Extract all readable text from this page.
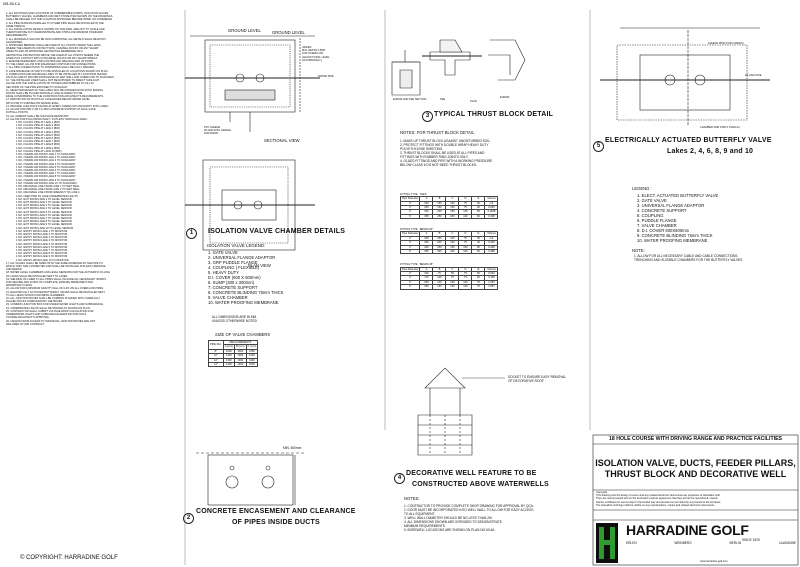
828-28LK-A
1. ALL ROUTINGS AND LOCATIONS OF SUBMERSIBLE PUMPS, ISOLATION VALVES,
BUTTERFLY VALVES, CHAMBERS AND WET STORE ITEM SHOWN ON THE DRAWINGS
SHALL BE PEGGED OUT AND LOCATION APPROVED BEFORE WORK ON COMMENCE
2. ALL PIPE RUNNING PARALLEL TO OTHER PIPE SHALL BE INSTALLED IN THE
SAME TRENCH.
3. ALL INSTALLATION DETAILS SHOWN ON THIS DWG. ARE NOT TO SCALE AND
THEIR PURPOSE IS TO DEMONSTRATE AND STIPULATE MINIMUM STANDARD
REQUIREMENTS.
4. ALL MATERIALS SHOULD BE NON CORROSIVE. ALL METALS SHALL BE EPOXY
GALVANISED.
5. APPROVED BEDDING SHALL BE USED AT ALL POINTS UNDER THE LAKES
WHERE THE LINERS IN CONTACT WITH CHANNEL ROCKS OR ANY SHARP
OBJECTS AND AN APPROVED GEOTEXTILE MEMBRANE OR A
GEOTEXTILE PROTECTION ABOVE THE LINER AT ALL POINTS WHERE THE
LINER IS IN CONTACT WITH CONCRETE, ROCKS OR ANY SHARP OBJECT.
6. ENSURE PERMANENT AND CONTROLLED WELDING AND UP DOWN
TO THE LINER. ALLOW FOR ENHANCED CONTOUR FOR CONNECTIONS.
7. ALL PIPE CONNECTIONS TO DOWNPIPES SHALL BE FULLY WELDED.
8. LAKE DRAINAGE OUTLETS TO BE INSTALLED AT LOCATIONS SHOWN ON PLAN.
9. OVERFLOWS AND DRAINAGE LINES TO BE INSTALLED AT LOCATIONS SHOWN
ON PLAN AND AT MIN 25M FROM EDGE OF WET WELL AND OVERFLOW TO SOAKAWAY.
10. THE INSTALLED LINES SHALL NOT BE EXPOSED TO DIRECT SUNLIGHT.
ALLOW FOR THE INSTALLATION OF STONES AND PEBBLES TO FILL IN
SECTIONS OF THE PIPE EXPOSED TO SUNLIGHT.
11. SELECTED EDGES OF THE LAKES WILL BE FINISHED WITH ROCK EDGING
ROCKS SHALL BE PLACED MANUALLY AND ALIGNED ON THE
EDGE CONFORMING TO THE CONSTRUCTION ARCHITECT'S REQUIREMENTS.
12. DEPOSITION OF ROCKS AT LAKE EDGES BELOW WATER LEVEL
WITH 0.5M TO 0.8M BELOW WATER LEVEL.
13. PROVIDE LAKE ROCK FACING AT EVERY OVERFLOW AND ENTRY INTO LAKES.
14. ALLOW FOR 25M X 2M X 0.15M CONCRETE SUPPORT AT EACH LAKE
OUTFALL POINTS.
15. ALL CEMENT SHALL BE SULPHATE RESISTANT.
16. ALLOW FOR FOLLOWING INLET / OUTLETS THROUGH LAKES -
1 NO. FILLING PIPE AT LAKE 1 (80F)
1 NO. FILLING PIPE AT LAKE 2 (80F)
1 NO. FILLING PIPE AT LAKE 3 (80F)
1 NO. FILLING PIPE AT LAKE 4 (80F)
1 NO. FILLING PIPE AT LAKE 5 (80F)
1 NO. FILLING PIPE AT LAKE 6 (80F)
1 NO. FILLING PIPE AT LAKE 7 (80F)
1 NO. FILLING PIPE AT LAKE 8 (80F)
1 NO. FILLING PIPE AT LAKE 9 (80F)
1 NO. FILLING PIPE AT LAKE 10 (80F)
1 NO. OVERFLOW FROM LAKE 1 TO SOAKAWAY
1 NO. OVERFLOW FROM LAKE 2 TO SOAKAWAY
1 NO. OVERFLOW FROM LAKE 3 TO SOAKAWAY
1 NO. OVERFLOW FROM LAKE 4 TO SOAKAWAY
1 NO. OVERFLOW FROM LAKE 5 TO SOAKAWAY
1 NO. OVERFLOW FROM LAKE 6 TO SOAKAWAY
1 NO. OVERFLOW FROM LAKE 7 TO SOAKAWAY
1 NO. OVERFLOW FROM LAKE 8 TO SOAKAWAY
1 NO. OVERFLOW FROM LAKE 9 TO SOAKAWAY
1 NO. OVERFLOW FROM LAKE 10 TO SOAKAWAY
1 NO. DRAINAGE LINE FROM LAKE 1 TO WET WELL
1 NO. DRAINAGE LINE FROM LAKE 2 TO WET WELL
1 NO. DRAINAGE LINE FROM GREENS 5 TO LAKE 4
1 NO. FEED PIPE TO LAKE UNDERWATER LIGHTS
1 NO. EXIT FROM LAKE 1 TO LEVEL SENSOR
1 NO. EXIT FROM LAKE 2 TO LEVEL SENSOR
1 NO. EXIT FROM LAKE 3 TO LEVEL SENSOR
1 NO. EXIT FROM LAKE 4 TO LEVEL SENSOR
1 NO. EXIT FROM LAKE 5 TO LEVEL SENSOR
1 NO. EXIT FROM LAKE 6 TO LEVEL SENSOR
1 NO. EXIT FROM LAKE 7 TO LEVEL SENSOR
1 NO. EXIT FROM LAKE 8 TO LEVEL SENSOR
1 NO. EXIT FROM LAKE 9 TO LEVEL SENSOR
1 NO. EXIT FROM LAKE 10 TO LEVEL SENSOR
1 NO. ENTRY FROM LAKE 1 TO MONITOR
1 NO. ENTRY FROM LAKE 2 TO MONITOR
1 NO. ENTRY FROM LAKE 3 TO MONITOR
1 NO. ENTRY FROM LAKE 4 TO MONITOR
1 NO. ENTRY FROM LAKE 5 TO MONITOR
1 NO. ENTRY FROM LAKE 6 TO MONITOR
1 NO. ENTRY FROM LAKE 7 TO MONITOR
1 NO. ENTRY FROM LAKE 8 TO MONITOR
1 NO. ENTRY FROM LAKE 9 TO MONITOR
1 NO. ENTRY FROM LAKE 10 TO MONITOR
17. ALL VALVES SHALL BE SIZED WITH THE SAME DIAMETER AS THE PIPE TO
WHICH THEY ARE CONNECTED AND SHALL BE INSTALLED FOR EASY REMOVAL
AND REPAIR.
18. WATER LEVEL CHAMBERS AND LEVEL SENSORS FOR THE AUTOMATIC FILLING
OF LAKES SHALL BE INSTALLED NEXT TO LAKES.
19. WELDING OF LINER TO ALL PIPES SHALL INCLUDE ALL NECESSARY WORKS
FOR SECURE AND FIXING OF COMPLETE, ENSURE PERMANENT AND
WATERTIGHT FIXING.
20. ALLOW FOR A MINIMUM GRAVITY FALL OF 0.4% ON ALL OVERFLOW PIPES.
21. ELECTRICALLY ACTUATED BUTTERFLY VALVES SHALL BE INSTALLED NEXT
TO ALL LAKES WITHIN CONCRETE CHAMBERS.
22. ALL JUNCTION BOXES SHALL BE COMMON PLANNED WITH CAREFULLY
PLACED ROCKS SURROUNDING THE BOXES.
23. COMMON JUNCTION BOX FOR UNDER WATER LIGHTS AND SUBSURFACE.
24. UNDERWATER LIGHTS SHALL BE SPACED AS SHOWN ON PLAN.
25. CONTRACTOR SHALL SUBMIT VOLTAGE DROP CALCULATION FOR
UNDERWATER LIGHTS AND SUBSURFACE AERATION FOR GOLF
COURSE ARCHITECT'S APPROVAL.
26. UNLESS FROM ACCESS TO INDIVIDUAL JUNCTION BOXES ARE NOT
INCLUDED IN THIS CONTRACT.
GROUND LEVEL	GROUND LEVEL
VARIES
MIN. DEPTH 0.50M
FOR OVERFLOW
(ADJUST FINAL LEVEL
ACCORDINGLY)
WATER PIPE
PVC SLEEVE
FILLED WITH GRAVEL
FOR DRAIN
SECTIONAL VIEW
PLAN VIEW
1	ISOLATION VALVE CHAMBER DETAILS
ISOLATION VALVE LEGEND:
1. GATE VALVE
2. UNIVERSAL FLANGE ADAPTOR
3. GRP PUDDLE FLANGE
4. COUPLING ( FLEXIBLE)
5. HEAVY DUTY
D.I. COVER (600 X 600mm)
6. SUMP (300 x 300mm)
7. CONCRETE SUPPORT
8. CONCRETE BLINDING 75mm THICK
9. VALVE CHAMBER
10. WATER PROOFING MEMBRANE
ALL DIMENSIONS ARE IN MM
UNLESS OTHERWISE NOTED
SIZE OF VALVE CHAMBERS
PIPE DIA.	MEASUREMENTS		
	A (mm)	B (mm)	C (mm)
8"	1000	1000	1250
10"	1300	1300	1300
12"	1300	1300	1400
14"	1400	1400	1500
MIN. 600mm
2
CONCRETE ENCASEMENT AND CLEARANCE
OF PIPES INSIDE DUCTS
ELBOW AND TEE SECTION	TEE
PLAN
ELBOW
3 TYPICAL THRUST BLOCK DETAIL
NOTES: FOR THRUST BLOCK DETAIL
1. MAKE UP THRUST BLOCK AGAINST UNDISTURBED SOIL.
2. PROTECT FITTINGS WITH DOUBLE WRAP HEAVY DUTY
POLYETHYLENE SHEETING.
3. THRUST BLOCKS SHALL BE USED AT ALL PIPES AND
FITTINGS WITH RUBBER RING JOINTS ONLY.
4. GLUED FITTINGS AND PIPE WITH A WORKING PRESSURE
BELOW CLASS 6 DO NOT NEED THRUST BLOCKS.
FITTING TYPE : TEES
Pipe Diameter	A	B	C	D	E	Volume
2"	200	150	100	75	30	m3
3"	250	150	150	75	40	0.035
4"	300	200	150	100	50	0.1188
6"	350	250	200	100	60	0.198
FITTING TYPE : BENDS 90°
Pipe Diameter	A	B	C	D	E	Volume
2"	200	150	100	75	30	m3
3"	250	200	100	75	40	0.435
4"	300	250	150	100	50	0.448
6"	350	300	200	100	60	0.488
FITTING TYPE : BENDS 45°
Pipe Diameter	A	B	C	D	E	Volume
2"	150	75	50	75	50	0.030
3"	175	100	75	75	60	0.108
4"	200	125	100	100	75	1.253
6"	250	150	125	100	75	1.557
FILLING PIPE
SLEEVE PIPE (FOR CABLES)
CHAMBER (MIN 1500 X 1500mm)
5
ELECTRICALLY ACTUATED BUTTERFLY VALVE
Lakes 2, 4, 6, 8, 9 and 10
LEGEND :
1. ELECT. ACTUATED BUTTERFLY VALVE
2. GATE VALVE
3. UNIVERSAL FLANGE ADAPTOR
4. CONCRETE SUPPORT
5. COUPLING
6. PUDDLE FLANGE
7. VALVE CHAMBER
8. D.I. COVER 600X600mm
9. CONCRETE BLINDING 75mm THICK
10. WATER PROOFING MEMBRANE
NOTE:
1. ALLOW FOR ALL NECESSARY CABLE AND CABLE CONNECTIONS,
TRENCHING AND SUITABLE CHAMBERS FOR THE BUTTERFLY VALVES.
SOCKET TO ENSURE EASY REMOVAL
OF DECORATIVE ROOF
4
DECORATIVE WELL FEATURE TO BE
CONSTRUCTED ABOVE WATERWELLS
NOTES:
1. CONTRACTOR TO PROVIDE COMPLETE SHOP DRAWING FOR APPROVAL BY QCA.
2. DOOR MUST BE INCORPORATED INTO WELL WALL TO ALLOW FOR EASY ACCESS
TO ALL EQUIPMENT.
3. WELL WALL DIAMETER SHOULD BE NO LESS THAN 2M.
4. ALL DIMENSIONS SHOWN ARE INTENDED TO DEMONSTRATE
MINIMUM REQUIREMENTS.
5. BOREWELL LOCATIONS ARE SHOWN ON PLAN NO.63-6A
18 HOLE COURSE WITH DRIVING RANGE AND PRACTICE FACILITIES
ISOLATION VALVE, DUCTS, FEEDER PILLARS,
THRUST BLOCK AND DECORATIVE WELL
Copyright
This drawing and the design it covers and any related electronic documents are properties of Harradine Golf.
They are merely loaned and on the borrowers express agreement that they will not be reproduced, copied,
loaned, exhibited nor used except in the limited way and private use permitted by any loaned to the borrower.
The Harradine Golf logo shall be visible on any reproductions, copies and related electronic documents.
HARRADINE GOLF
SINCE 1929
ERLEN	WEINBERG	BERLIN	LAUSANNE
www.harradine-golf.com
© COPYRIGHT: HARRADINE GOLF
